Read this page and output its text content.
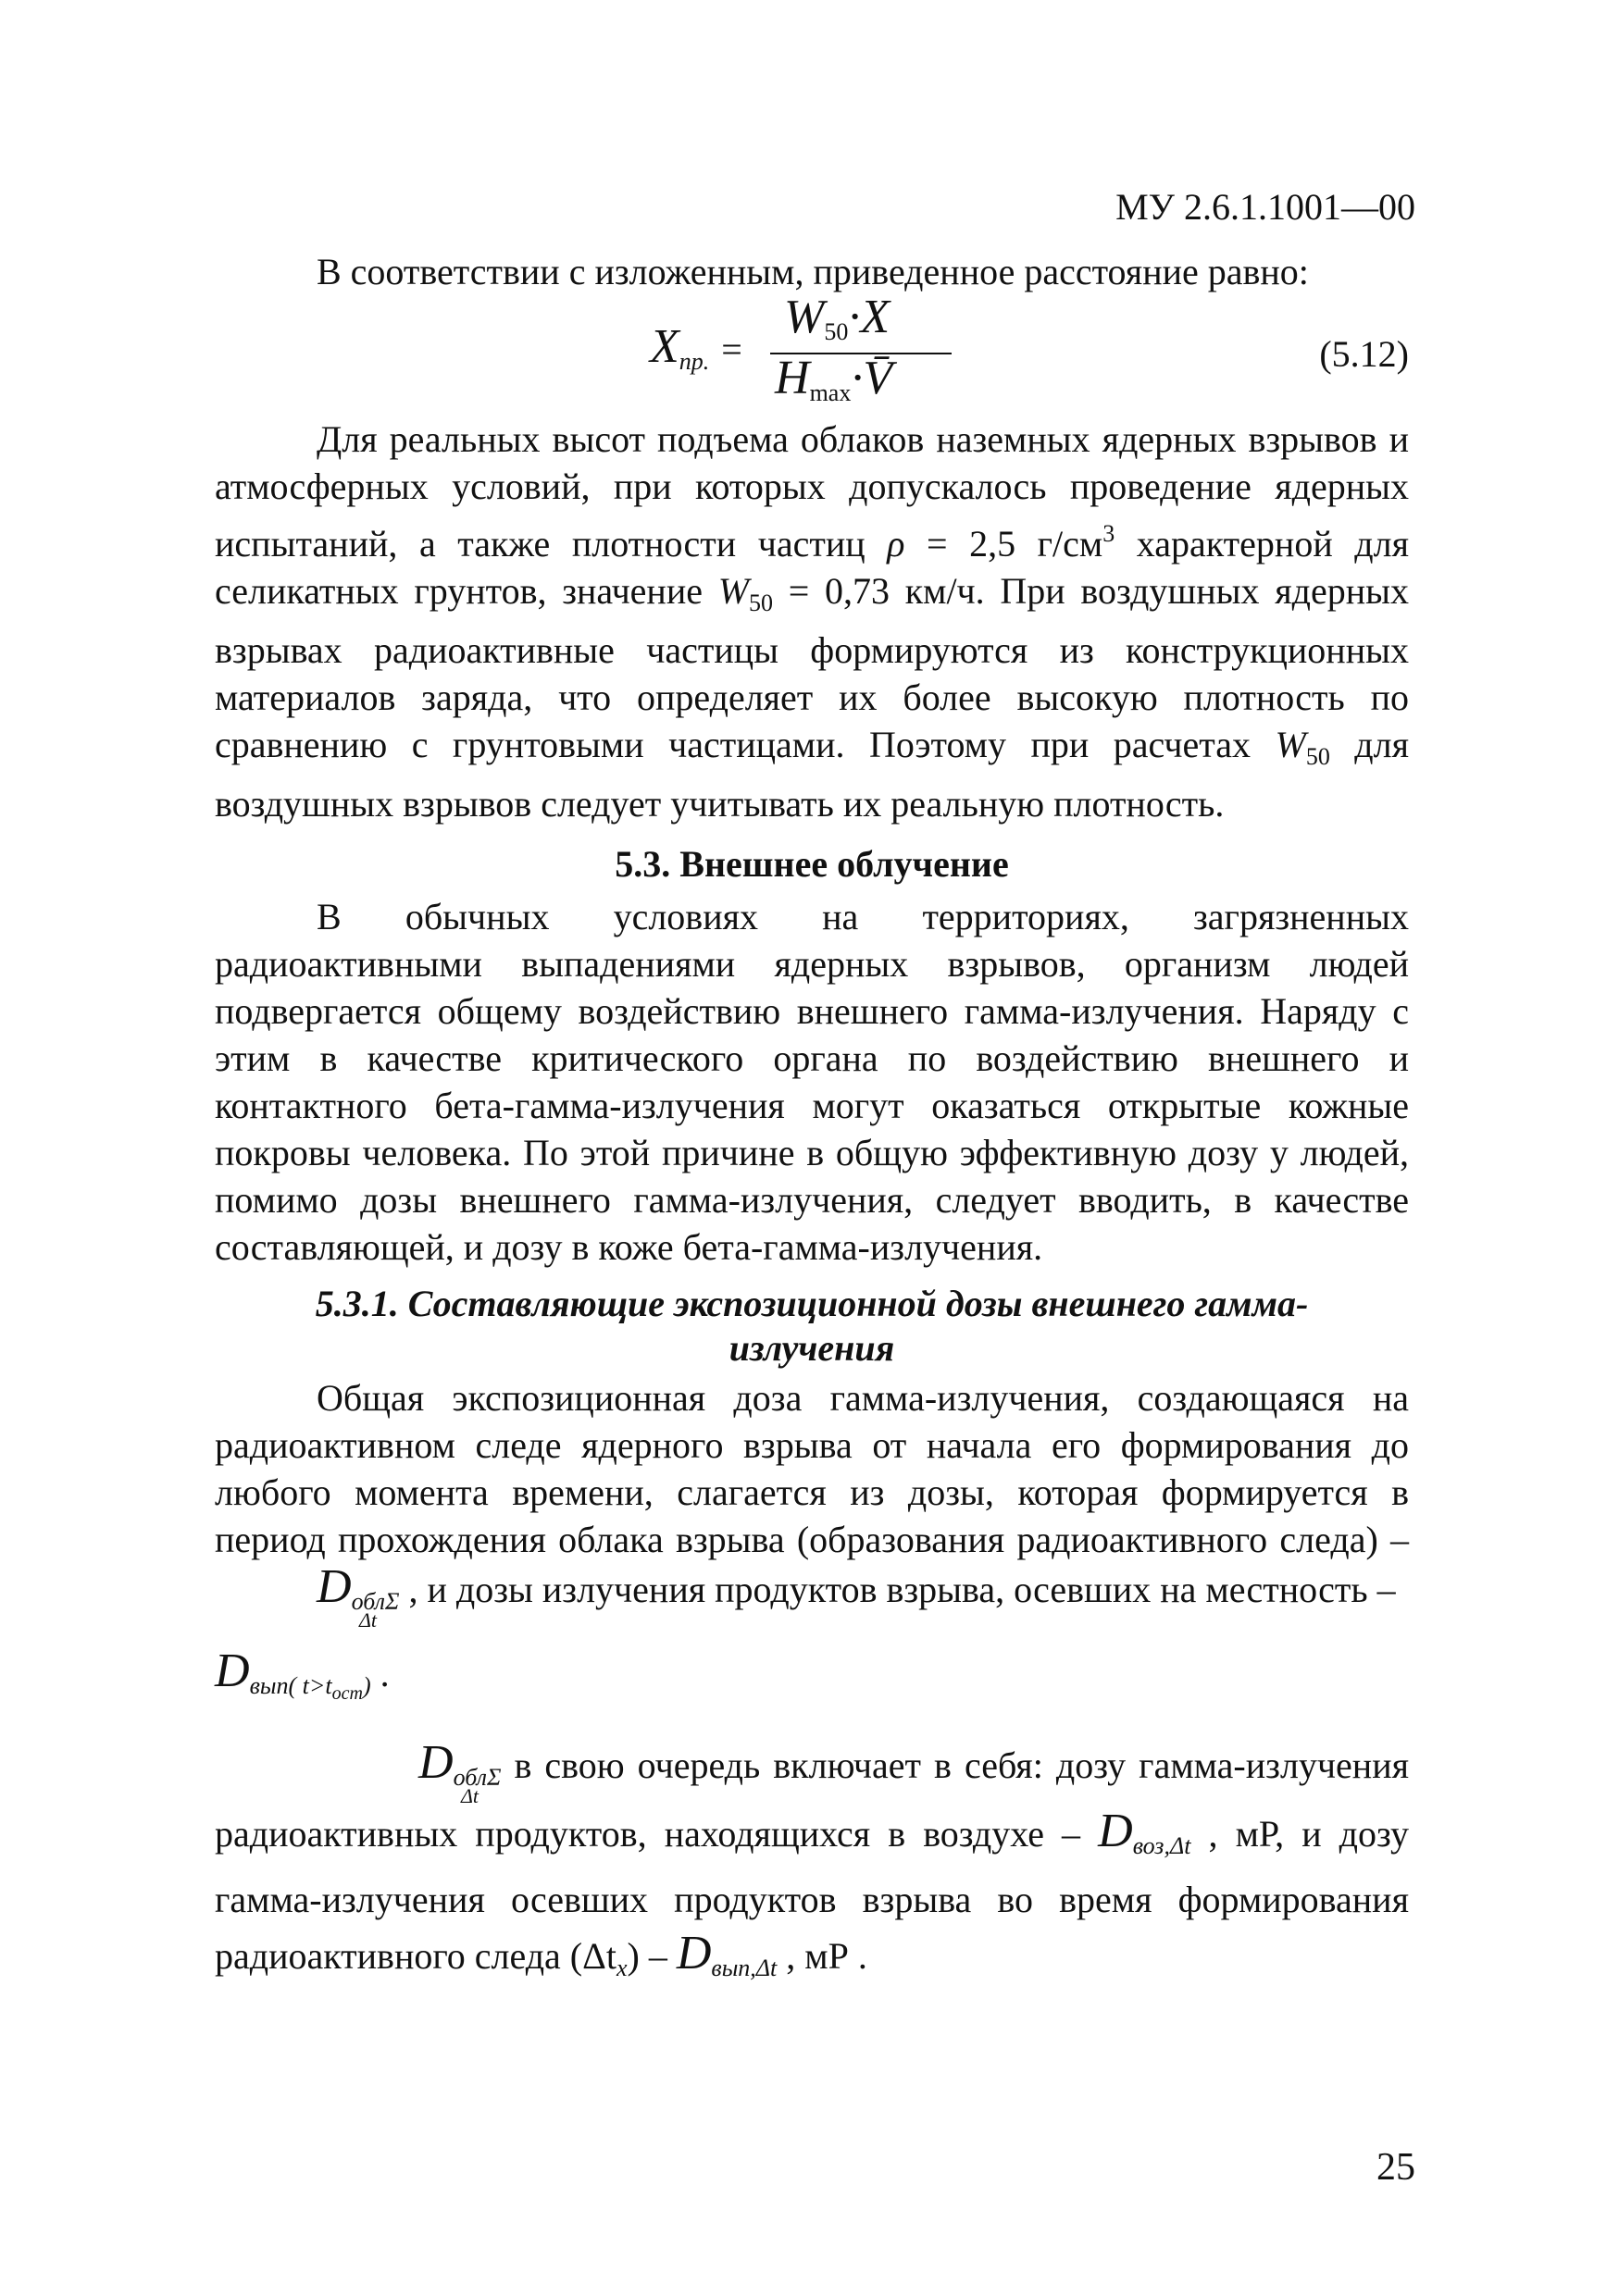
МУ 2.6.1.1001—00

В соответствии с изложенным, приведенное расстояние равно:

Xпр. =
$W_{50}\cdot X$
$H_{max}\cdot V̄$	(5.12)

Для реальных высот подъема облаков наземных ядерных взрывов и атмосферных условий, при которых допускалось проведение ядерных испытаний, а также плотности частиц ρ = 2,5 $г/см^3$ характерной для селикатных грунтов, значение $W_{50} = 0,73$ км/ч. При воздушных ядерных взрывах радиоактивные частицы формируются из конструкционных материалов заряда, что определяет их более высокую плотность по сравнению с грунтовыми частицами. Поэтому при расчетах $W_{50}$ для воздушных взрывов следует учитывать их реальную плотность.

5.3. Внешнее облучение

В обычных условиях на территориях, загрязненных радиоактивными выпадениями ядерных взрывов, организм людей подвергается общему воздействию внешнего гамма-излучения. Наряду с этим в качестве критического органа по воздействию внешнего и контактного бета-гамма-излучения могут оказаться открытые кожные покровы человека. По этой причине в общую эффективную дозу у людей, помимо дозы внешнего гамма-излучения, следует вводить, в качестве составляющей, и дозу в коже бета-гамма-излучения.

5.3.1. Составляющие экспозиционной дозы внешнего гамма-
излучения

Общая экспозиционная доза гамма-излучения, создающаяся на радиоактивном следе ядерного взрыва от начала его формирования до любого момента времени, слагается из дозы, которая формируется в период прохождения облака взрыва (образования радиоактивного следа) – $D_{обл\Sigma}$
Δt
, и дозы излучения продуктов взрыва, осевших на местность –

$D_{вып( t>tост)}$ .

$D_{обл\Sigma}$
Δt
в свою очередь включает в себя: дозу гамма-излучения радиоактивных продуктов, находящихся в воздухе – $D_{воз,\Delta t}$ , мР, и дозу гамма-излучения осевших продуктов взрыва во время формирования радиоактивного следа $(\Delta t_x) - D_{вып,\Delta t}$ , мР .

25
